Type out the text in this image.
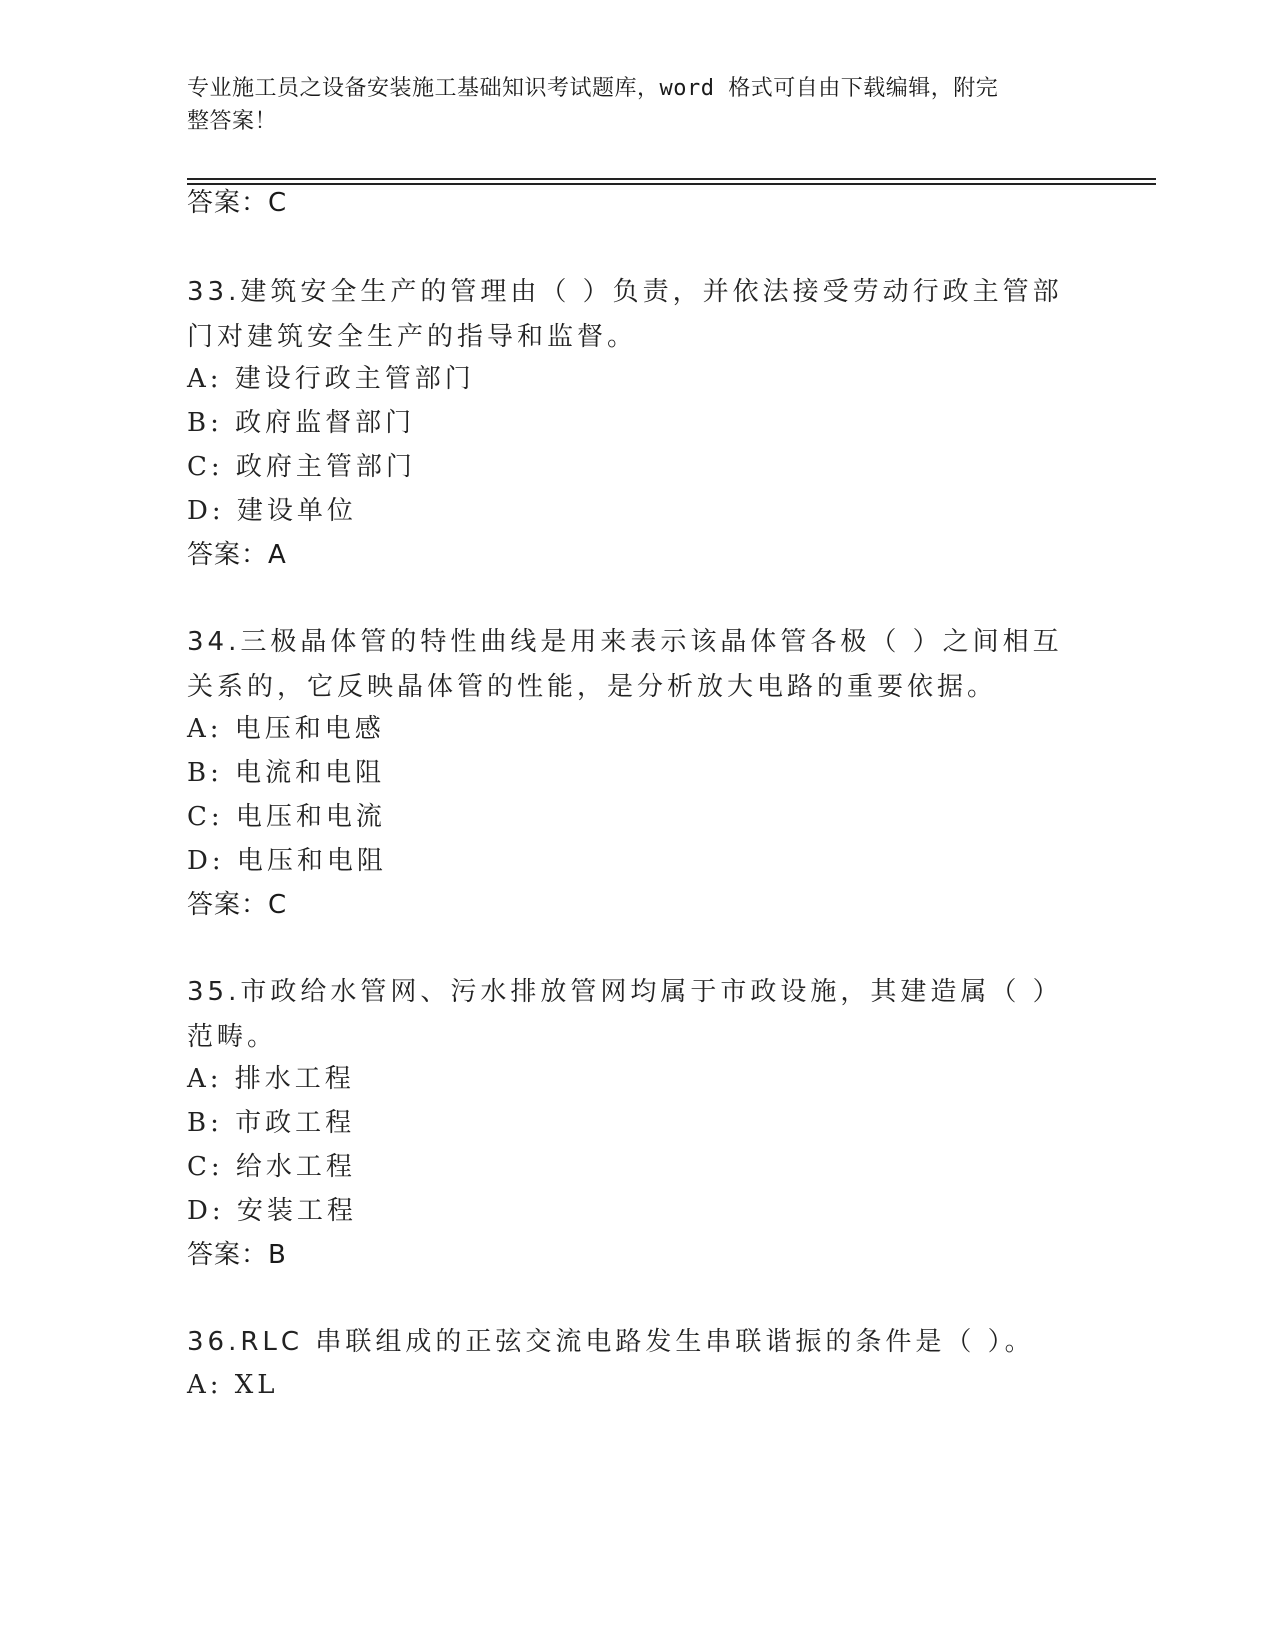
专业施工员之设备安装施工基础知识考试题库，word 格式可自由下载编辑，附完
整答案！
答案：C
33.建筑安全生产的管理由（ ）负责，并依法接受劳动行政主管部门对建筑安全生产的指导和监督。
A: 建设行政主管部门
B: 政府监督部门
C: 政府主管部门
D: 建设单位
答案：A
34.三极晶体管的特性曲线是用来表示该晶体管各极（ ）之间相互关系的，它反映晶体管的性能，是分析放大电路的重要依据。
A: 电压和电感
B: 电流和电阻
C: 电压和电流
D: 电压和电阻
答案：C
35.市政给水管网、污水排放管网均属于市政设施，其建造属（ ）范畴。
A: 排水工程
B: 市政工程
C: 给水工程
D: 安装工程
答案：B
36.RLC 串联组成的正弦交流电路发生串联谐振的条件是（ ）。
A: XL
